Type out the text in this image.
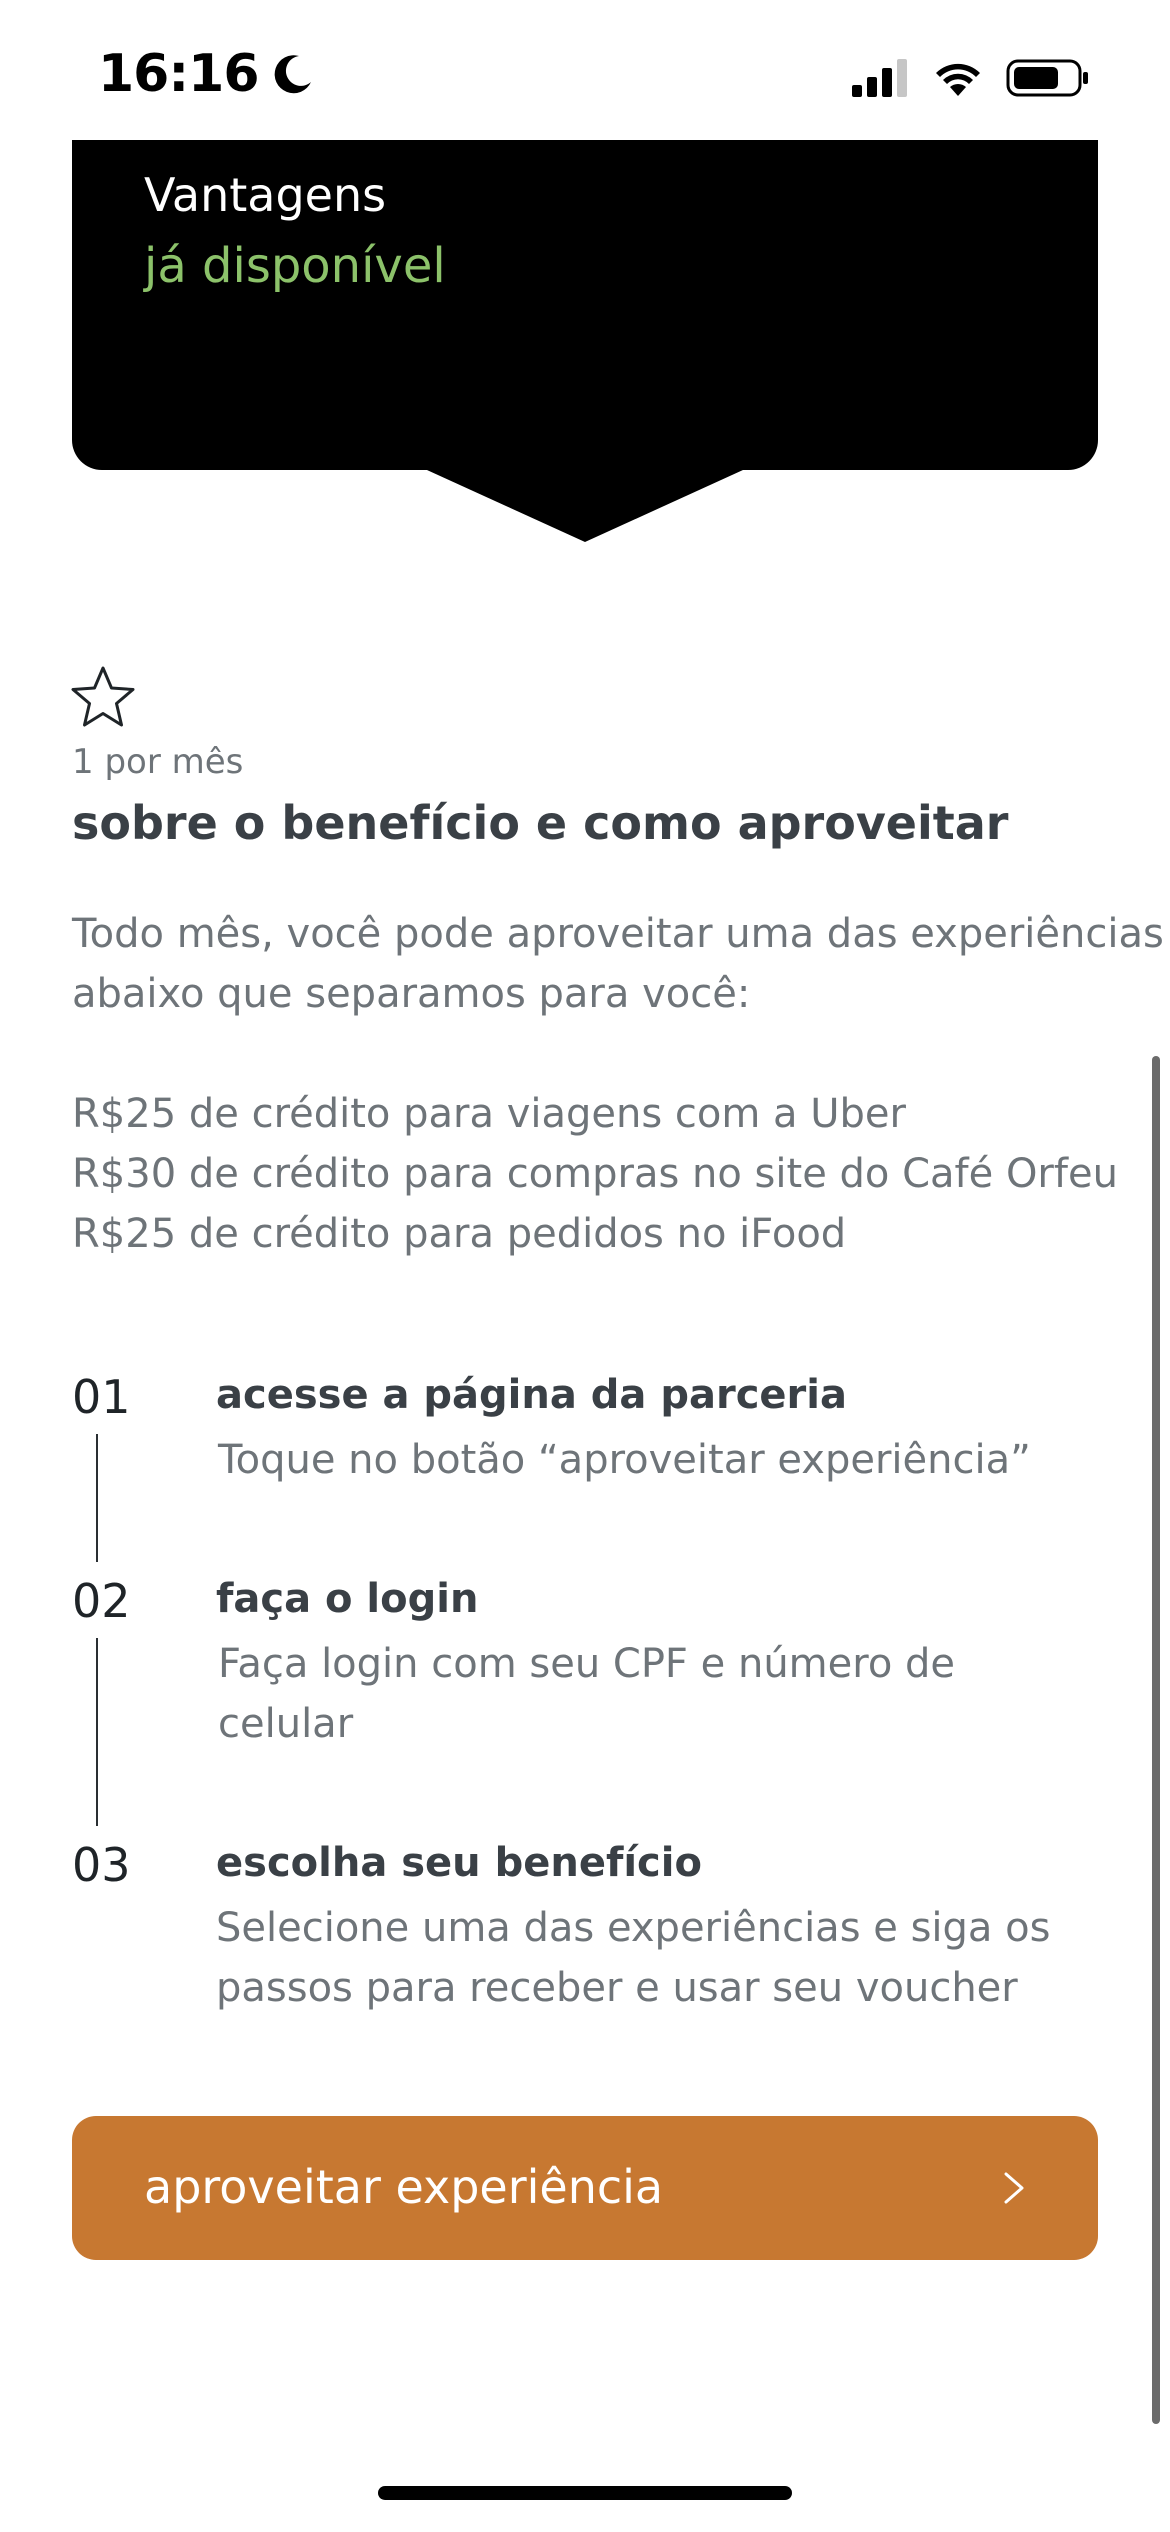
16:16
Vantagens
já disponível
1 por mês
sobre o benefício e como aproveitar
Todo mês, você pode aproveitar uma das experiências
abaixo que separamos para você:
R$25 de crédito para viagens com a Uber
R$30 de crédito para compras no site do Café Orfeu
R$25 de crédito para pedidos no iFood
01 acesse a página da parceria
Toque no botão “aproveitar experiência”
02 faça o login
Faça login com seu CPF e número de
celular
03 escolha seu benefício
Selecione uma das experiências e siga os
passos para receber e usar seu voucher
aproveitar experiência
